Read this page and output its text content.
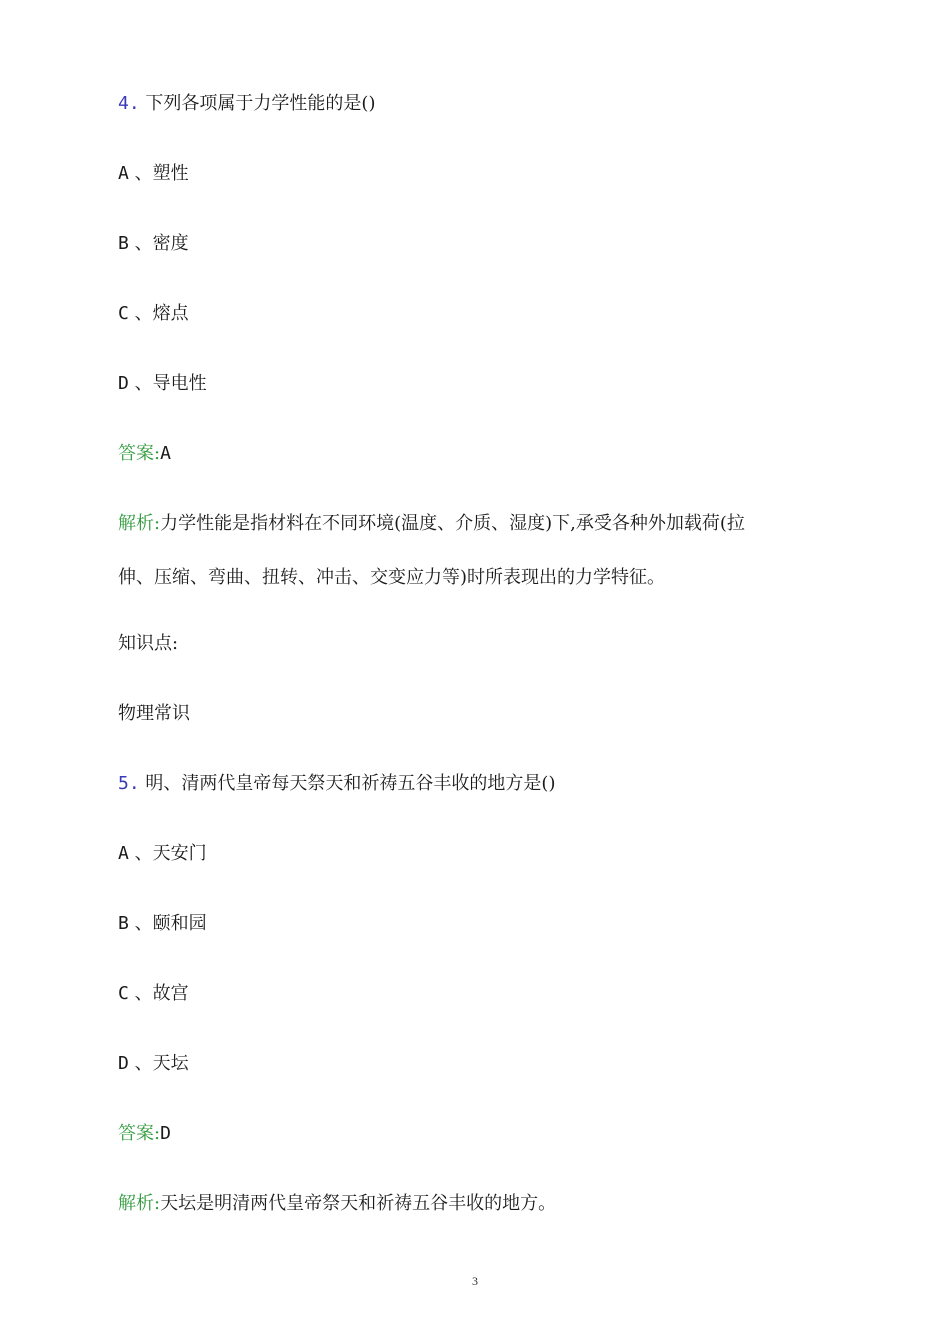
4. 下列各项属于力学性能的是()
A 、塑性
B 、密度
C 、熔点
D 、导电性
答案:A
解析:力学性能是指材料在不同环境(温度、介质、湿度)下,承受各种外加载荷(拉
伸、压缩、弯曲、扭转、冲击、交变应力等)时所表现出的力学特征。
知识点:
物理常识
5. 明、清两代皇帝每天祭天和祈祷五谷丰收的地方是()
A 、天安门
B 、颐和园
C 、故宫
D 、天坛
答案:D
解析:天坛是明清两代皇帝祭天和祈祷五谷丰收的地方。
3
